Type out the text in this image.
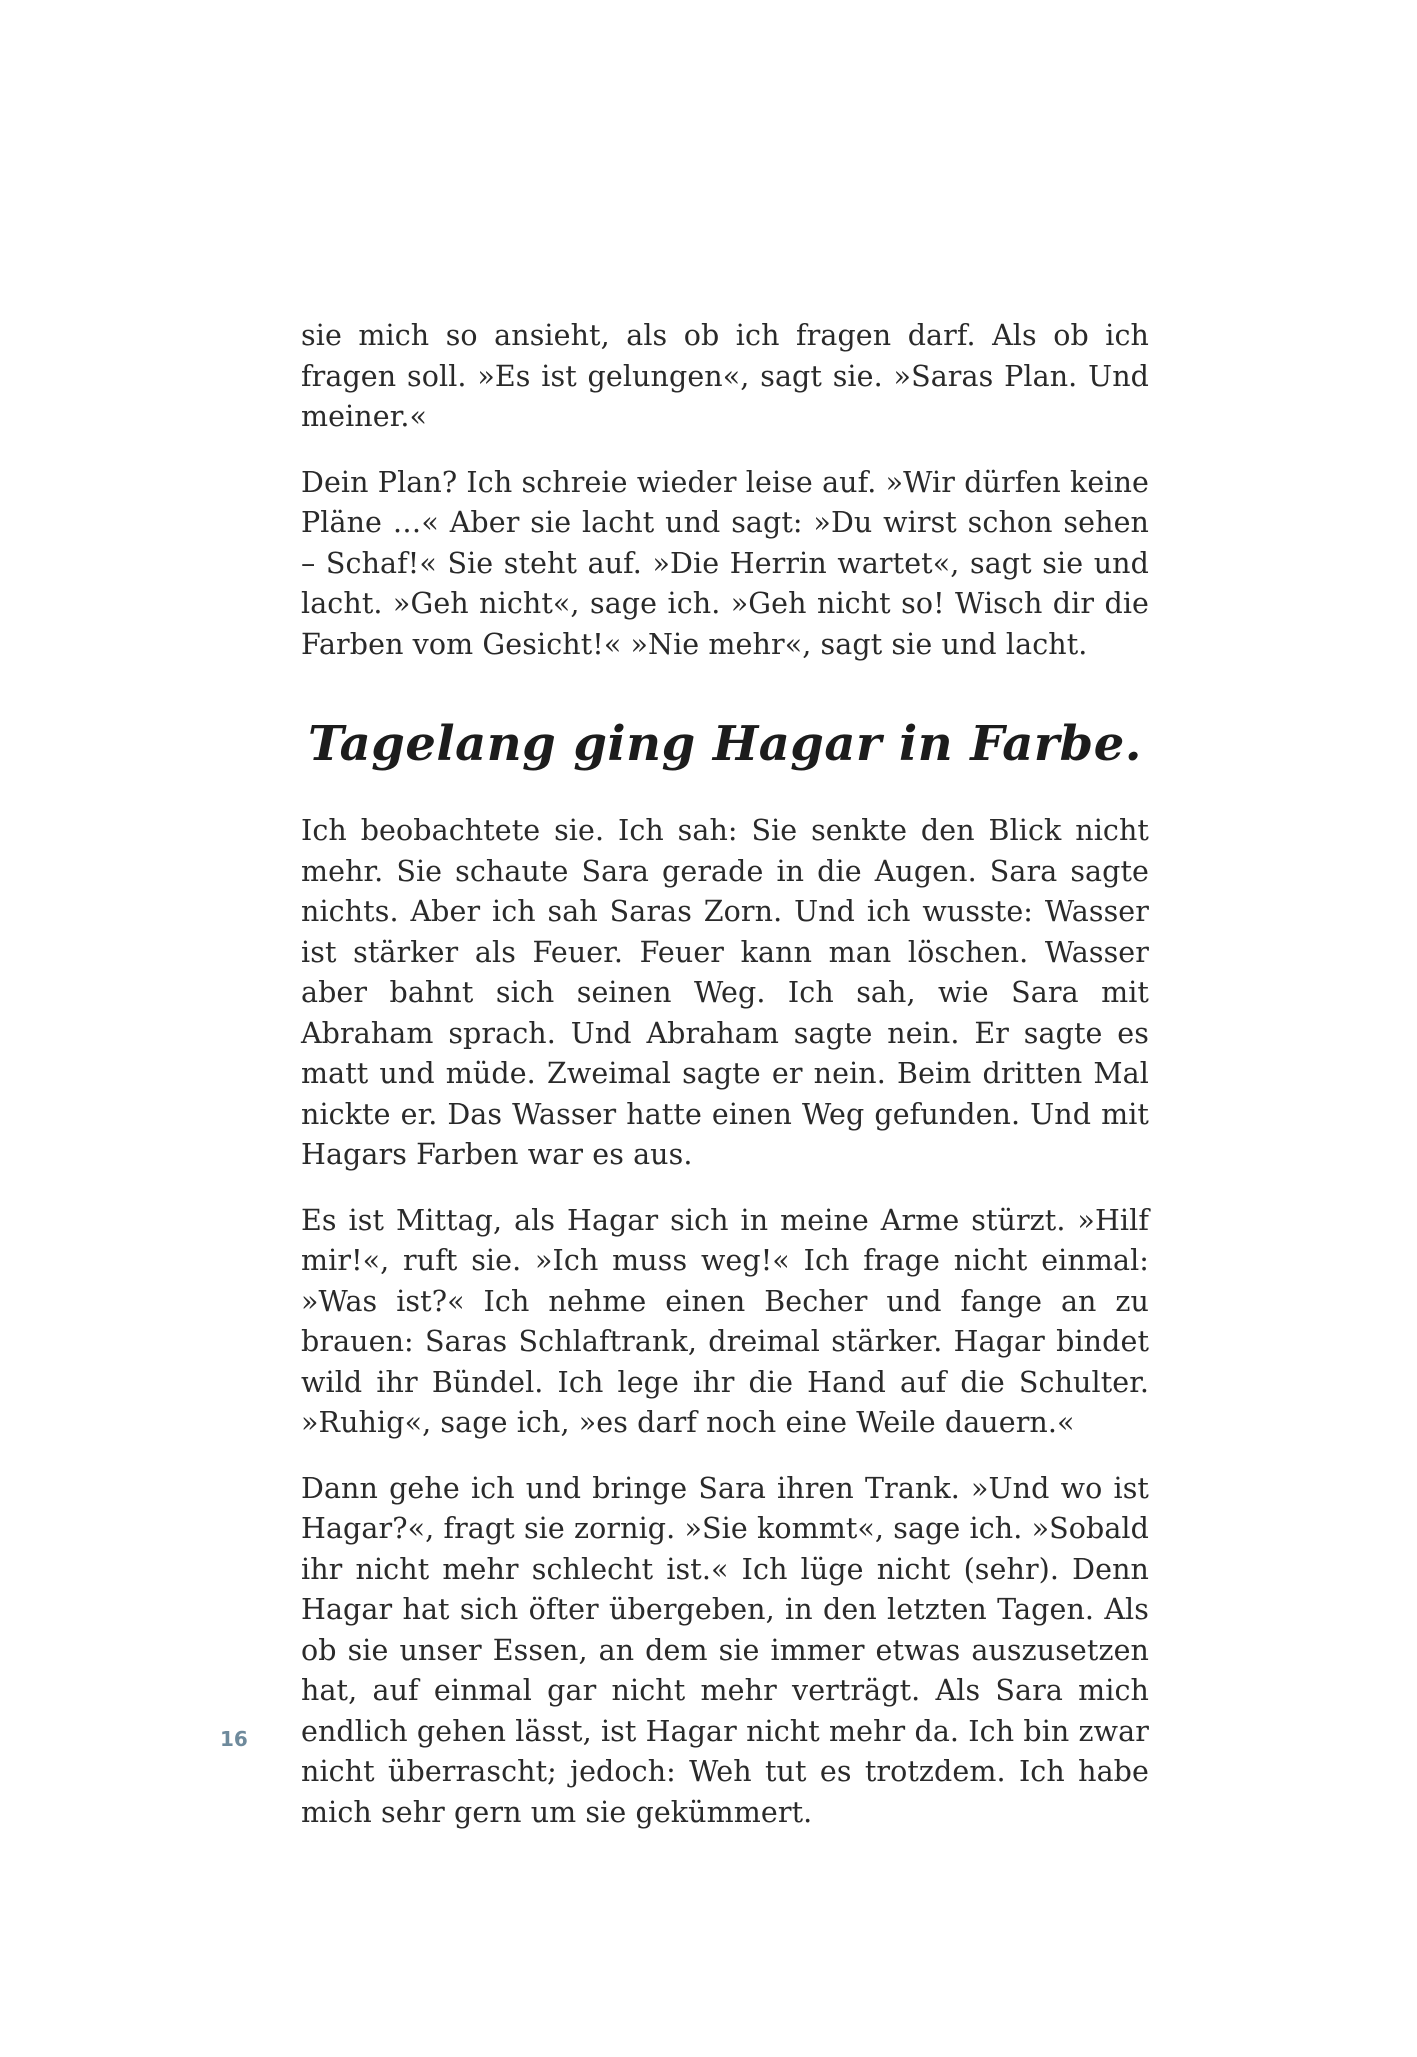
sie mich so ansieht, als ob ich fragen darf. Als ob ich fragen soll. »Es ist gelungen«, sagt sie. »Saras Plan. Und meiner.«

Dein Plan? Ich schreie wieder leise auf. »Wir dürfen keine Pläne …« Aber sie lacht und sagt: »Du wirst schon sehen – Schaf!« Sie steht auf. »Die Herrin wartet«, sagt sie und lacht. »Geh nicht«, sage ich. »Geh nicht so! Wisch dir die Farben vom Gesicht!« »Nie mehr«, sagt sie und lacht.

Tagelang ging Hagar in Farbe.

Ich beobachtete sie. Ich sah: Sie senkte den Blick nicht mehr. Sie schaute Sara gerade in die Augen. Sara sagte nichts. Aber ich sah Saras Zorn. Und ich wusste: Wasser ist stärker als Feuer. Feuer kann man löschen. Wasser aber bahnt sich seinen Weg. Ich sah, wie Sara mit Abraham sprach. Und Abraham sagte nein. Er sagte es matt und müde. Zweimal sagte er nein. Beim dritten Mal nickte er. Das Wasser hatte einen Weg gefunden. Und mit Hagars Farben war es aus.

Es ist Mittag, als Hagar sich in meine Arme stürzt. »Hilf mir!«, ruft sie. »Ich muss weg!« Ich frage nicht einmal: »Was ist?« Ich nehme einen Becher und fange an zu brauen: Saras Schlaftrank, dreimal stärker. Hagar bindet wild ihr Bündel. Ich lege ihr die Hand auf die Schulter. »Ruhig«, sage ich, »es darf noch eine Weile dauern.«

Dann gehe ich und bringe Sara ihren Trank. »Und wo ist Hagar?«, fragt sie zornig. »Sie kommt«, sage ich. »Sobald ihr nicht mehr schlecht ist.« Ich lüge nicht (sehr). Denn Hagar hat sich öfter übergeben, in den letzten Tagen. Als ob sie unser Essen, an dem sie immer etwas auszusetzen hat, auf einmal gar nicht mehr verträgt. Als Sara mich endlich gehen lässt, ist Hagar nicht mehr da. Ich bin zwar nicht überrascht; jedoch: Weh tut es trotzdem. Ich habe mich sehr gern um sie gekümmert.

16
